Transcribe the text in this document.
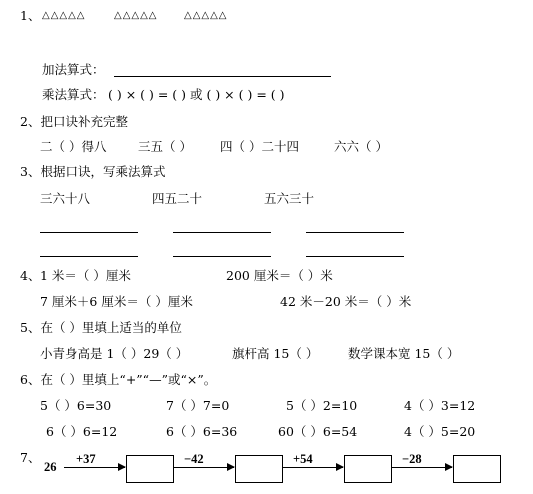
1、 △△△△△	△△△△△	△△△△△
加法算式：
乘法算式： ( ) × ( ) = ( ) 或 ( ) × ( ) = ( )
2、把口诀补充完整
二（ ）得八	三五（ ） 四（ ）二十四	六六（ ）
3、根据口诀，写乘法算式
三六十八	四五二十	五六三十
4、 1 米＝（ ）厘米	200 厘米＝（ ）米
7 厘米＋6 厘米＝（ ）厘米	42 米－20 米＝（ ）米
5、在（ ）里填上适当的单位
小青身高是 1（ ）29（ ）	旗杆高 15（ ） 数学课本宽 15（ ）
6、在（ ）里填上“+”“—”或“×”。
5（ ）6=30	7（ ）7=0	5（ ）2=10	4（ ）3=12
6（ ）6=12	6（ ）6=36	60（ ）6=54	4（ ）5=20
7、
26
+37	−42	+54	−28
